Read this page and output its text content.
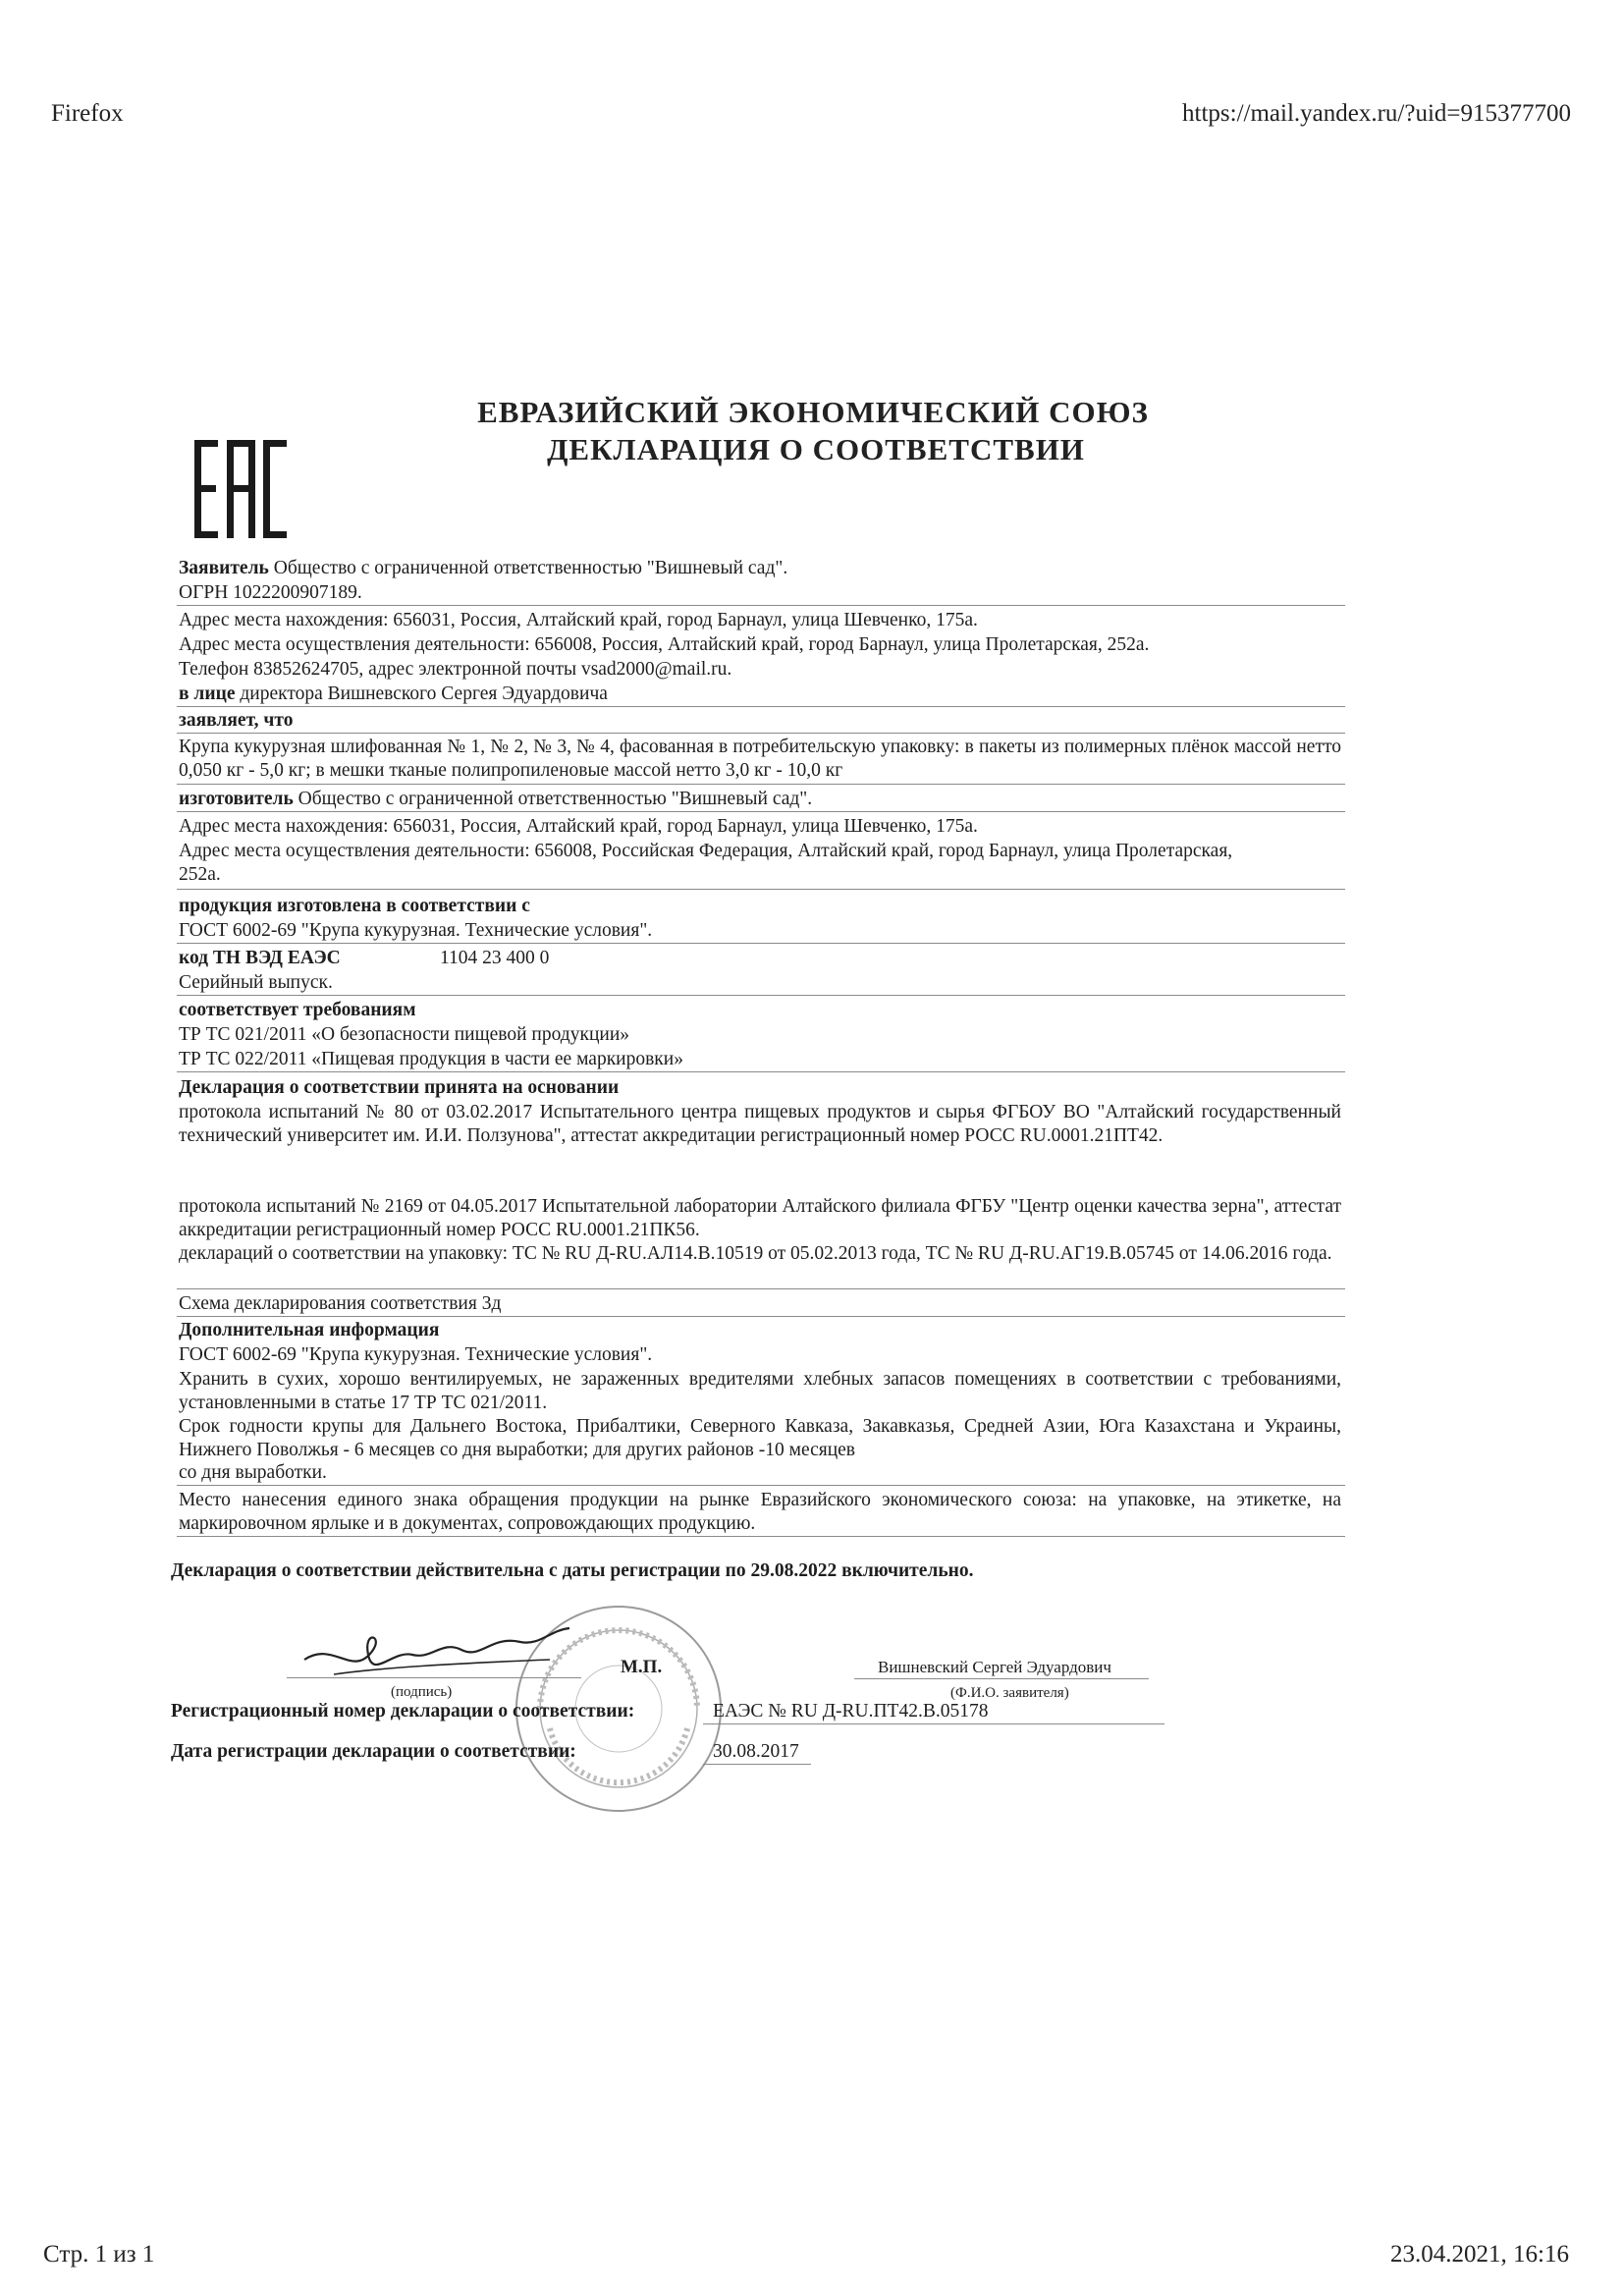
Firefox	https://mail.yandex.ru/?uid=915377700
ЕВРАЗИЙСКИЙ ЭКОНОМИЧЕСКИЙ СОЮЗ
ДЕКЛАРАЦИЯ О СООТВЕТСТВИИ
Заявитель Общество с ограниченной ответственностью "Вишневый сад".
ОГРН 1022200907189.
Адрес места нахождения: 656031, Россия, Алтайский край, город Барнаул, улица Шевченко, 175а.
Адрес места осуществления деятельности: 656008, Россия, Алтайский край, город Барнаул, улица Пролетарская, 252а.
Телефон 83852624705, адрес электронной почты vsad2000@mail.ru.
в лице директора Вишневского Сергея Эдуардовича
заявляет, что
Крупа кукурузная шлифованная № 1, № 2, № 3, № 4, фасованная в потребительскую упаковку: в пакеты из полимерных плёнок массой нетто 0,050 кг - 5,0 кг; в мешки тканые полипропиленовые массой нетто 3,0 кг - 10,0 кг
изготовитель Общество с ограниченной ответственностью "Вишневый сад".
Адрес места нахождения: 656031, Россия, Алтайский край, город Барнаул, улица Шевченко, 175а.
Адрес места осуществления деятельности: 656008, Российская Федерация, Алтайский край, город Барнаул, улица Пролетарская, 252а.
продукция изготовлена в соответствии с
ГОСТ 6002-69 "Крупа кукурузная. Технические условия".
код ТН ВЭД ЕАЭС	1104 23 400 0
Серийный выпуск.
соответствует требованиям
ТР ТС 021/2011 «О безопасности пищевой продукции»
ТР ТС 022/2011 «Пищевая продукция в части ее маркировки»
Декларация о соответствии принята на основании
протокола испытаний № 80 от 03.02.2017 Испытательного центра пищевых продуктов и сырья ФГБОУ ВО "Алтайский государственный технический университет им. И.И. Ползунова", аттестат аккредитации регистрационный номер РОСС RU.0001.21ПТ42.
протокола испытаний № 2169 от 04.05.2017 Испытательной лаборатории Алтайского филиала ФГБУ "Центр оценки качества зерна", аттестат аккредитации регистрационный номер РОСС RU.0001.21ПК56.
деклараций о соответствии на упаковку: ТС № RU Д-RU.АЛ14.В.10519 от 05.02.2013 года, ТС № RU Д-RU.АГ19.В.05745 от 14.06.2016 года.
Схема декларирования соответствия 3д
Дополнительная информация
ГОСТ 6002-69 "Крупа кукурузная. Технические условия".
Хранить в сухих, хорошо вентилируемых, не зараженных вредителями хлебных запасов помещениях в соответствии с требованиями, установленными в статье 17 ТР ТС 021/2011.
Срок годности крупы для Дальнего Востока, Прибалтики, Северного Кавказа, Закавказья, Средней Азии, Юга Казахстана и Украины, Нижнего Поволжья - 6 месяцев со дня выработки; для других районов -10 месяцев
со дня выработки.
Место нанесения единого знака обращения продукции на рынке Евразийского экономического союза: на упаковке, на этикетке, на маркировочном ярлыке и в документах, сопровождающих продукцию.
Декларация о соответствии действительна с даты регистрации по 29.08.2022 включительно.
(подпись)
М.П.	Вишневский Сергей Эдуардович
(Ф.И.О. заявителя)
Регистрационный номер декларации о соответствии:	ЕАЭС № RU Д-RU.ПТ42.В.05178
Дата регистрации декларации о соответствии:	30.08.2017
Стр. 1 из 1	23.04.2021, 16:16
